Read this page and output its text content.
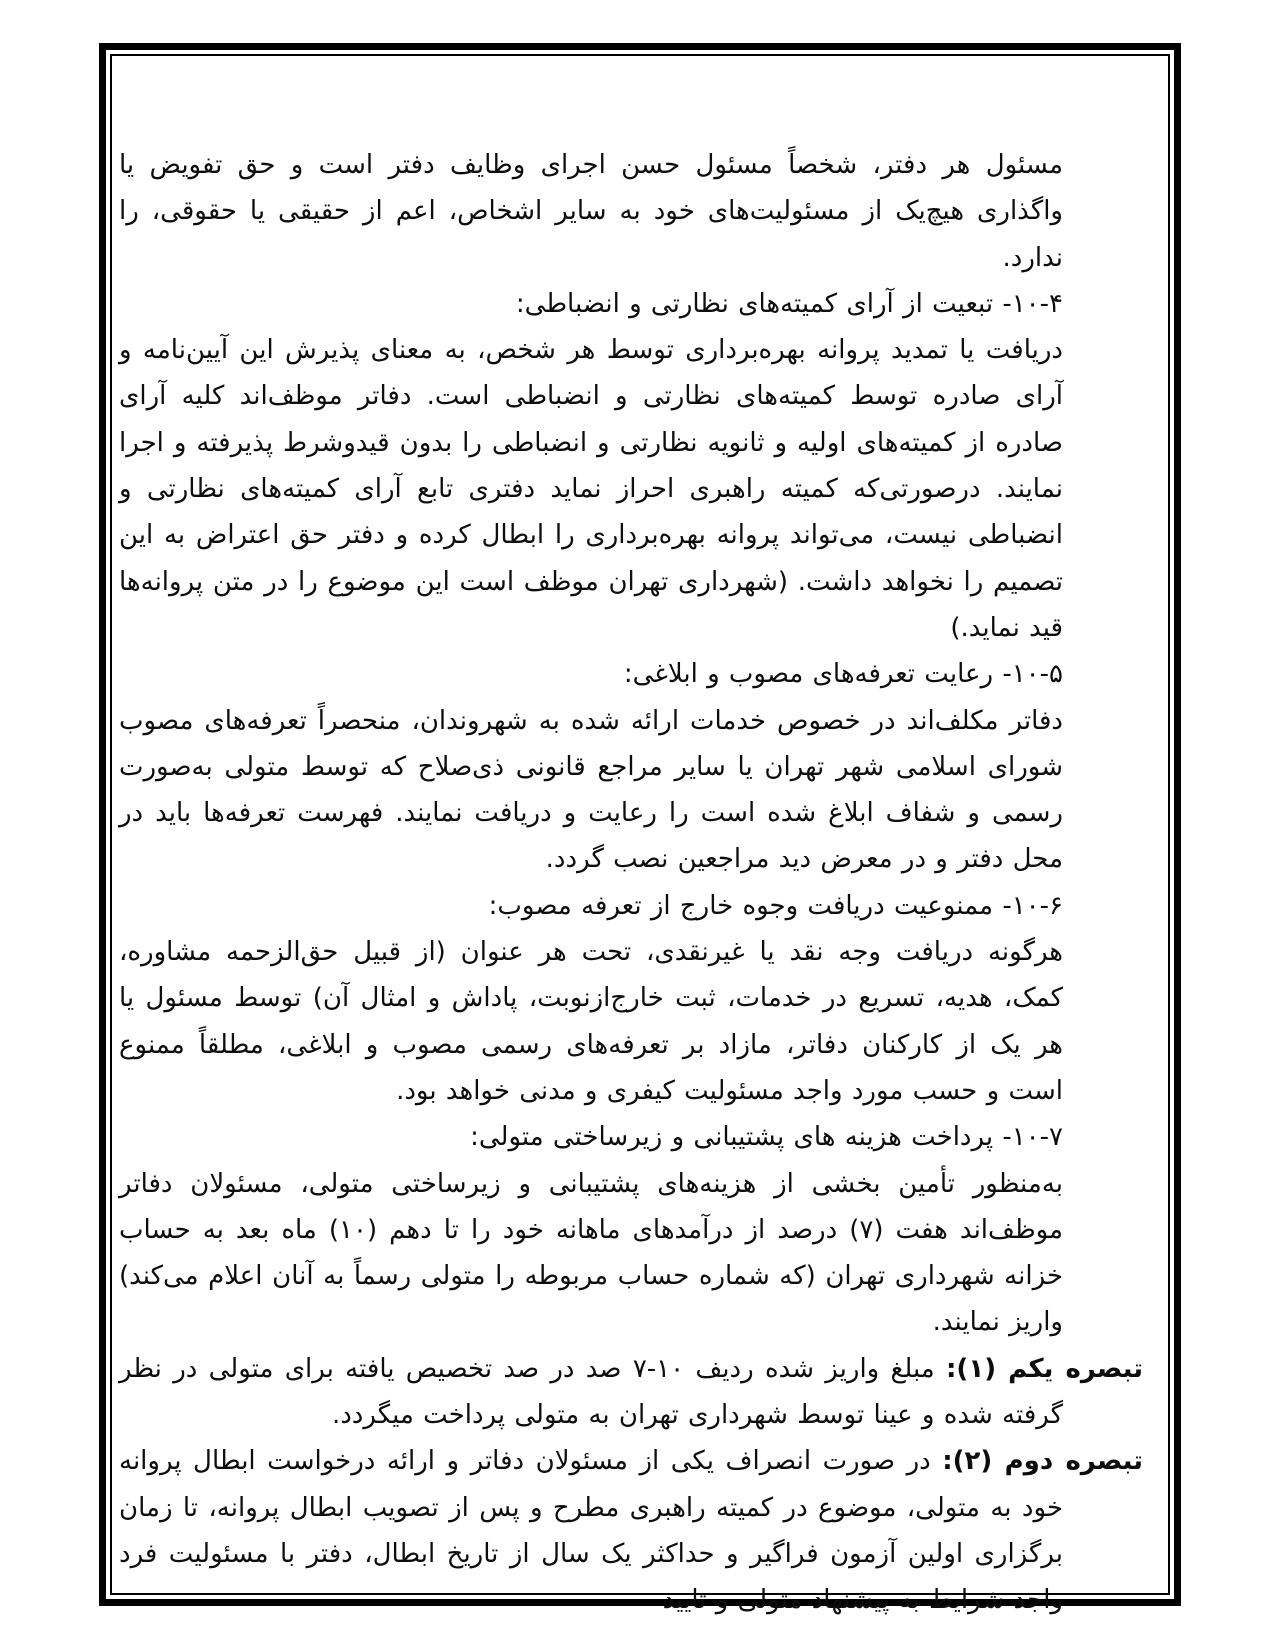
مسئول هر دفتر، شخصاً مسئول حسن اجرای وظایف دفتر است و حق تفویض یا واگذاری هیچ‌یک از مسئولیت‌های خود به سایر اشخاص، اعم از حقیقی یا حقوقی، را ندارد.

۱۰-۴- تبعیت از آرای کمیته‌های نظارتی و انضباطی:

دریافت یا تمدید پروانه بهره‌برداری توسط هر شخص، به معنای پذیرش این آیین‌نامه و آرای صادره توسط کمیته‌های نظارتی و انضباطی است. دفاتر موظف‌اند کلیه آرای صادره از کمیته‌های اولیه و ثانویه نظارتی و انضباطی را بدون قیدوشرط پذیرفته و اجرا نمایند. درصورتی‌که کمیته راهبری احراز نماید دفتری تابع آرای کمیته‌های نظارتی و انضباطی نیست، می‌تواند پروانه بهره‌برداری را ابطال کرده و دفتر حق اعتراض به این تصمیم را نخواهد داشت. (شهرداری تهران موظف است این موضوع را در متن پروانه‌ها قید نماید.)

۱۰-۵- رعایت تعرفه‌های مصوب و ابلاغی:

دفاتر مکلف‌اند در خصوص خدمات ارائه شده به شهروندان، منحصراً تعرفه‌های مصوب شورای اسلامی شهر تهران یا سایر مراجع قانونی ذی‌صلاح که توسط متولی به‌صورت رسمی و شفاف ابلاغ شده است را رعایت و دریافت نمایند. فهرست تعرفه‌ها باید در محل دفتر و در معرض دید مراجعین نصب گردد.

۱۰-۶- ممنوعیت دریافت وجوه خارج از تعرفه مصوب:

هرگونه دریافت وجه نقد یا غیرنقدی، تحت هر عنوان (از قبیل حق‌الزحمه مشاوره، کمک، هدیه، تسریع در خدمات، ثبت خارج‌ازنوبت، پاداش و امثال آن) توسط مسئول یا هر یک از کارکنان دفاتر، مازاد بر تعرفه‌های رسمی مصوب و ابلاغی، مطلقاً ممنوع است و حسب مورد واجد مسئولیت کیفری و مدنی خواهد بود.

۱۰-۷- پرداخت هزینه های پشتیبانی و زیرساختی متولی:

به‌منظور تأمین بخشی از هزینه‌های پشتیبانی و زیرساختی متولی، مسئولان دفاتر موظف‌اند هفت (۷) درصد از درآمدهای ماهانه خود را تا دهم (۱۰) ماه بعد به حساب خزانه شهرداری تهران (که شماره حساب مربوطه را متولی رسماً به آنان اعلام می‌کند) واریز نمایند.

تبصره یکم (۱): مبلغ واریز شده ردیف ۱۰-۷ صد در صد تخصیص یافته برای متولی در نظر گرفته شده و عینا توسط شهرداری تهران به متولی پرداخت میگردد.

تبصره دوم (۲): در صورت انصراف یکی از مسئولان دفاتر و ارائه درخواست ابطال پروانه خود به متولی، موضوع در کمیته راهبری مطرح و پس از تصویب ابطال پروانه، تا زمان برگزاری اولین آزمون فراگیر و حداکثر یک سال از تاریخ ابطال، دفتر با مسئولیت فرد واجد شرایط به پیشنهاد متولی و تایید
